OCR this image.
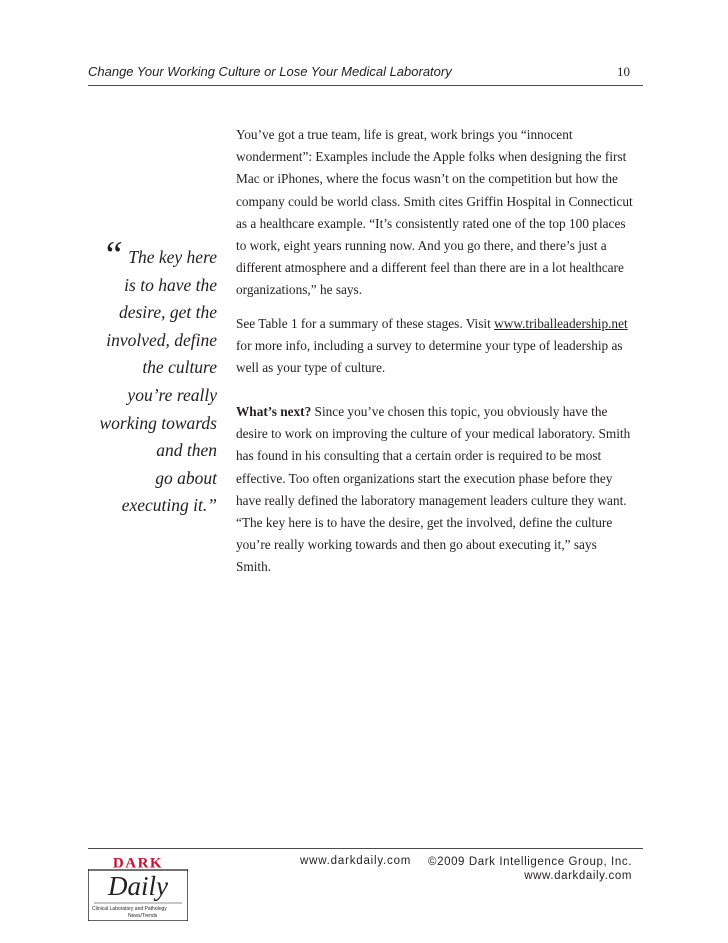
Change Your Working Culture or Lose Your Medical Laboratory	10
“ The key here
is to have the
desire, get the
involved, define
the culture
you’re really
working towards
and then
go about
executing it.”

You’ve got a true team, life is great, work brings you “innocent wonderment”: Examples include the Apple folks when designing the first Mac or iPhones, where the focus wasn’t on the competition but how the company could be world class. Smith cites Griffin Hospital in Connecticut as a healthcare example. “It’s consistently rated one of the top 100 places to work, eight years running now. And you go there, and there’s just a different atmosphere and a different feel than there are in a lot healthcare organizations,” he says.

See Table 1 for a summary of these stages. Visit www.triballeadership.net for more info, including a survey to determine your type of leadership as well as your type of culture.

What’s next? Since you’ve chosen this topic, you obviously have the desire to work on improving the culture of your medical laboratory. Smith has found in his consulting that a certain order is required to be most effective. Too often organizations start the execution phase before they have really defined the laboratory management leaders culture they want. “The key here is to have the desire, get the involved, define the culture you’re really working towards and then go about executing it,” says Smith.

DARK
Daily
Clinical Laboratory and Pathology
News/Trends
www.darkdaily.com ©2009 Dark Intelligence Group, Inc.
www.darkdaily.com
